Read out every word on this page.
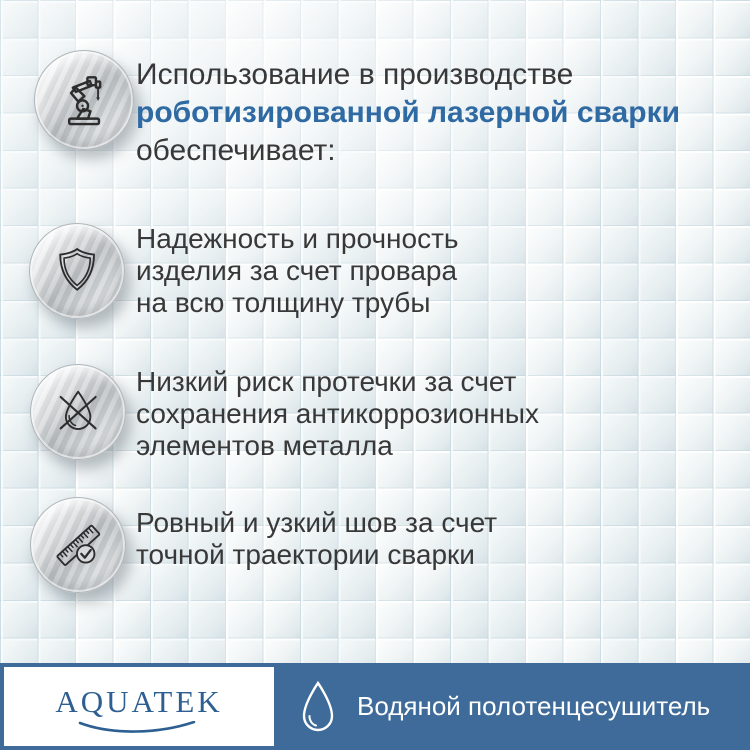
Использование в производстве
роботизированной лазерной сварки
обеспечивает:
Надежность и прочность
изделия за счет провара
на всю толщину трубы
Низкий риск протечки за счет
сохранения антикоррозионных
элементов металла
Ровный и узкий шов за счет
точной траектории сварки
AQUATEK	Водяной полотенцесушитель
